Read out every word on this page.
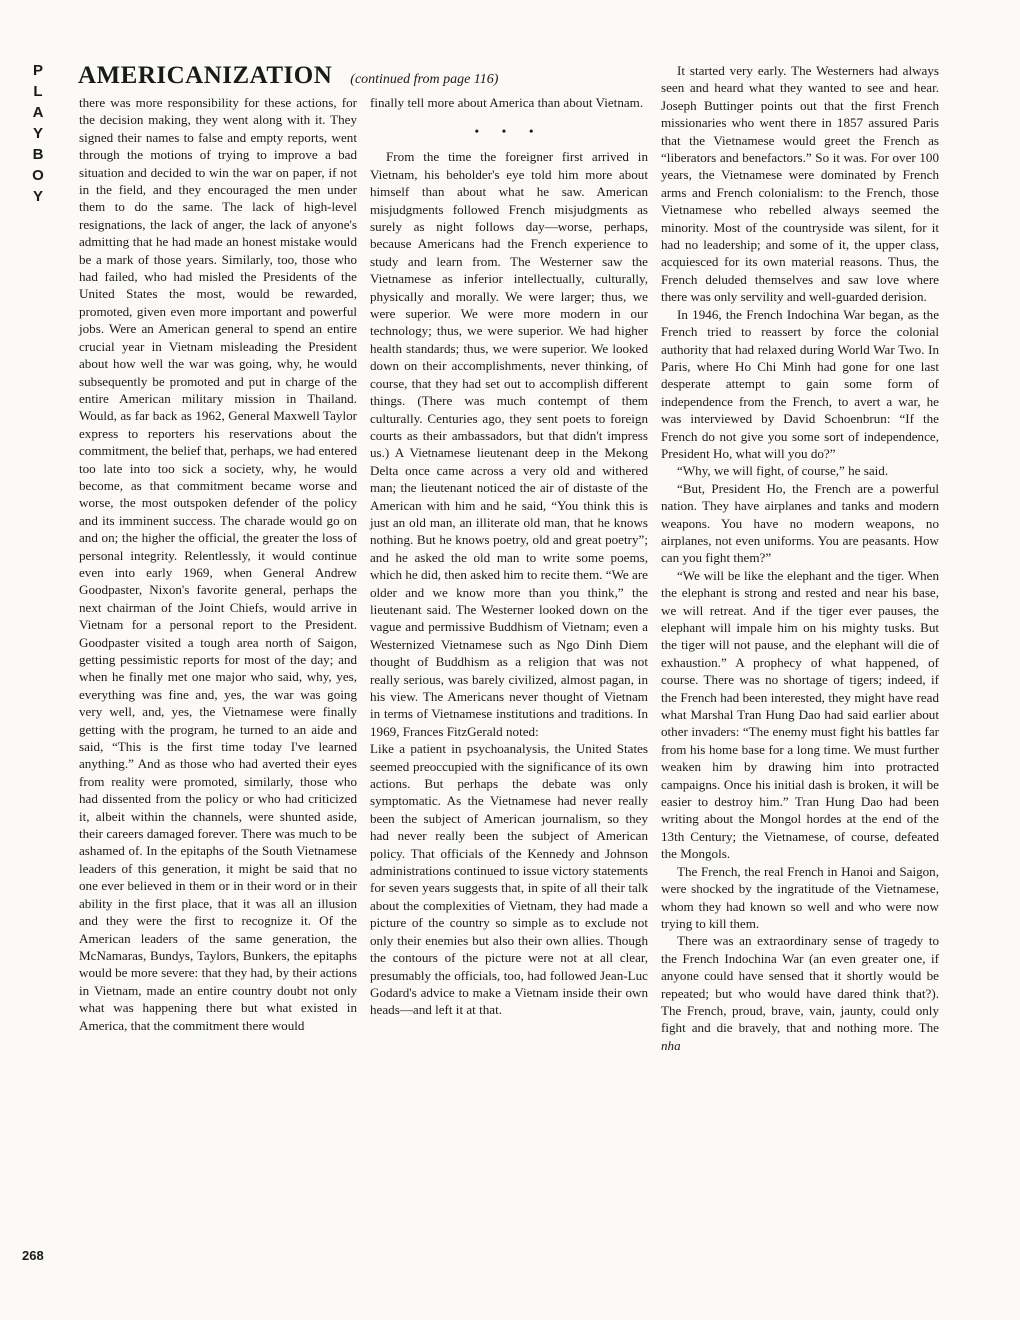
P
L
A
Y
B
O
Y
268
AMERICANIZATION (continued from page 116)

there was more responsibility for these actions, for the decision making, they went along with it. They signed their names to false and empty reports, went through the motions of trying to improve a bad situation and decided to win the war on paper, if not in the field, and they encouraged the men under them to do the same. The lack of high-level resignations, the lack of anger, the lack of anyone's admitting that he had made an honest mistake would be a mark of those years. Similarly, too, those who had failed, who had misled the Presidents of the United States the most, would be rewarded, promoted, given even more important and powerful jobs. Were an American general to spend an entire crucial year in Vietnam misleading the President about how well the war was going, why, he would subsequently be promoted and put in charge of the entire American military mission in Thailand. Would, as far back as 1962, General Maxwell Taylor express to reporters his reservations about the commitment, the belief that, perhaps, we had entered too late into too sick a society, why, he would become, as that commitment became worse and worse, the most outspoken defender of the policy and its imminent success. The charade would go on and on; the higher the official, the greater the loss of personal integrity. Relentlessly, it would continue even into early 1969, when General Andrew Goodpaster, Nixon's favorite general, perhaps the next chairman of the Joint Chiefs, would arrive in Vietnam for a personal report to the President. Goodpaster visited a tough area north of Saigon, getting pessimistic reports for most of the day; and when he finally met one major who said, why, yes, everything was fine and, yes, the war was going very well, and, yes, the Vietnamese were finally getting with the program, he turned to an aide and said, “This is the first time today I've learned anything.” And as those who had averted their eyes from reality were promoted, similarly, those who had dissented from the policy or who had criticized it, albeit within the channels, were shunted aside, their careers damaged forever. There was much to be ashamed of. In the epitaphs of the South Vietnamese leaders of this generation, it might be said that no one ever believed in them or in their word or in their ability in the first place, that it was all an illusion and they were the first to recognize it. Of the American leaders of the same generation, the McNamaras, Bundys, Taylors, Bunkers, the epitaphs would be more severe: that they had, by their actions in Vietnam, made an entire country doubt not only what was happening there but what existed in America, that the commitment there would

finally tell more about America than about Vietnam.

• • •

From the time the foreigner first arrived in Vietnam, his beholder's eye told him more about himself than about what he saw. American misjudgments followed French misjudgments as surely as night follows day—worse, perhaps, because Americans had the French experience to study and learn from. The Westerner saw the Vietnamese as inferior intellectually, culturally, physically and morally. We were larger; thus, we were superior. We were more modern in our technology; thus, we were superior. We had higher health standards; thus, we were superior. We looked down on their accomplishments, never thinking, of course, that they had set out to accomplish different things. (There was much contempt of them culturally. Centuries ago, they sent poets to foreign courts as their ambassadors, but that didn't impress us.) A Vietnamese lieutenant deep in the Mekong Delta once came across a very old and withered man; the lieutenant noticed the air of distaste of the American with him and he said, “You think this is just an old man, an illiterate old man, that he knows nothing. But he knows poetry, old and great poetry”; and he asked the old man to write some poems, which he did, then asked him to recite them. “We are older and we know more than you think,” the lieutenant said. The Westerner looked down on the vague and permissive Buddhism of Vietnam; even a Westernized Vietnamese such as Ngo Dinh Diem thought of Buddhism as a religion that was not really serious, was barely civilized, almost pagan, in his view. The Americans never thought of Vietnam in terms of Vietnamese institutions and traditions. In 1969, Frances FitzGerald noted:

Like a patient in psychoanalysis, the United States seemed preoccupied with the significance of its own actions. But perhaps the debate was only symptomatic. As the Vietnamese had never really been the subject of American journalism, so they had never really been the subject of American policy. That officials of the Kennedy and Johnson administrations continued to issue victory statements for seven years suggests that, in spite of all their talk about the complexities of Vietnam, they had made a picture of the country so simple as to exclude not only their enemies but also their own allies. Though the contours of the picture were not at all clear, presumably the officials, too, had followed Jean-Luc Godard's advice to make a Vietnam inside their own heads—and left it at that.

It started very early. The Westerners had always seen and heard what they wanted to see and hear. Joseph Buttinger points out that the first French missionaries who went there in 1857 assured Paris that the Vietnamese would greet the French as “liberators and benefactors.” So it was. For over 100 years, the Vietnamese were dominated by French arms and French colonialism: to the French, those Vietnamese who rebelled always seemed the minority. Most of the countryside was silent, for it had no leadership; and some of it, the upper class, acquiesced for its own material reasons. Thus, the French deluded themselves and saw love where there was only servility and well-guarded derision.

In 1946, the French Indochina War began, as the French tried to reassert by force the colonial authority that had relaxed during World War Two. In Paris, where Ho Chi Minh had gone for one last desperate attempt to gain some form of independence from the French, to avert a war, he was interviewed by David Schoenbrun: “If the French do not give you some sort of independence, President Ho, what will you do?”

“Why, we will fight, of course,” he said.

“But, President Ho, the French are a powerful nation. They have airplanes and tanks and modern weapons. You have no modern weapons, no airplanes, not even uniforms. You are peasants. How can you fight them?”

“We will be like the elephant and the tiger. When the elephant is strong and rested and near his base, we will retreat. And if the tiger ever pauses, the elephant will impale him on his mighty tusks. But the tiger will not pause, and the elephant will die of exhaustion.” A prophecy of what happened, of course. There was no shortage of tigers; indeed, if the French had been interested, they might have read what Marshal Tran Hung Dao had said earlier about other invaders: “The enemy must fight his battles far from his home base for a long time. We must further weaken him by drawing him into protracted campaigns. Once his initial dash is broken, it will be easier to destroy him.” Tran Hung Dao had been writing about the Mongol hordes at the end of the 13th Century; the Vietnamese, of course, defeated the Mongols.

The French, the real French in Hanoi and Saigon, were shocked by the ingratitude of the Vietnamese, whom they had known so well and who were now trying to kill them.

There was an extraordinary sense of tragedy to the French Indochina War (an even greater one, if anyone could have sensed that it shortly would be repeated; but who would have dared think that?). The French, proud, brave, vain, jaunty, could only fight and die bravely, that and nothing more. The nha
